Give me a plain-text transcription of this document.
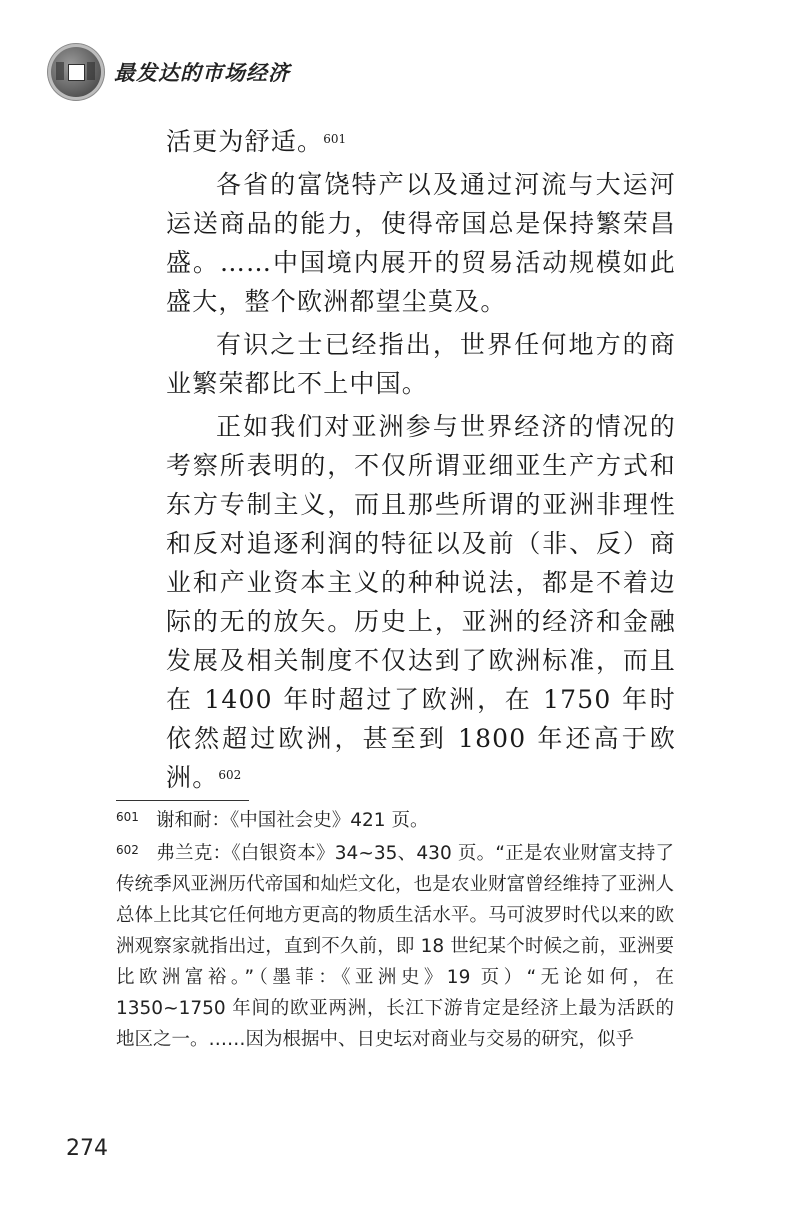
最发达的市场经济

活更为舒适。$^{601}$

各省的富饶特产以及通过河流与大运河运送商品的能力，使得帝国总是保持繁荣昌盛。……中国境内展开的贸易活动规模如此盛大，整个欧洲都望尘莫及。

有识之士已经指出，世界任何地方的商业繁荣都比不上中国。

正如我们对亚洲参与世界经济的情况的考察所表明的，不仅所谓亚细亚生产方式和东方专制主义，而且那些所谓的亚洲非理性和反对追逐利润的特征以及前（非、反）商业和产业资本主义的种种说法，都是不着边际的无的放矢。历史上，亚洲的经济和金融发展及相关制度不仅达到了欧洲标准，而且在 1400 年时超过了欧洲，在 1750 年时依然超过欧洲，甚至到 1800 年还高于欧洲。$^{602}$

601 谢和耐：《中国社会史》421 页。

602 弗兰克：《白银资本》34~35、430 页。“正是农业财富支持了传统季风亚洲历代帝国和灿烂文化，也是农业财富曾经维持了亚洲人总体上比其它任何地方更高的物质生活水平。马可波罗时代以来的欧洲观察家就指出过，直到不久前，即 18 世纪某个时候之前，亚洲要比欧洲富裕。”（墨菲：《亚洲史》19 页）“无论如何，在 1350~1750 年间的欧亚两洲，长江下游肯定是经济上最为活跃的地区之一。……因为根据中、日史坛对商业与交易的研究，似乎

274
